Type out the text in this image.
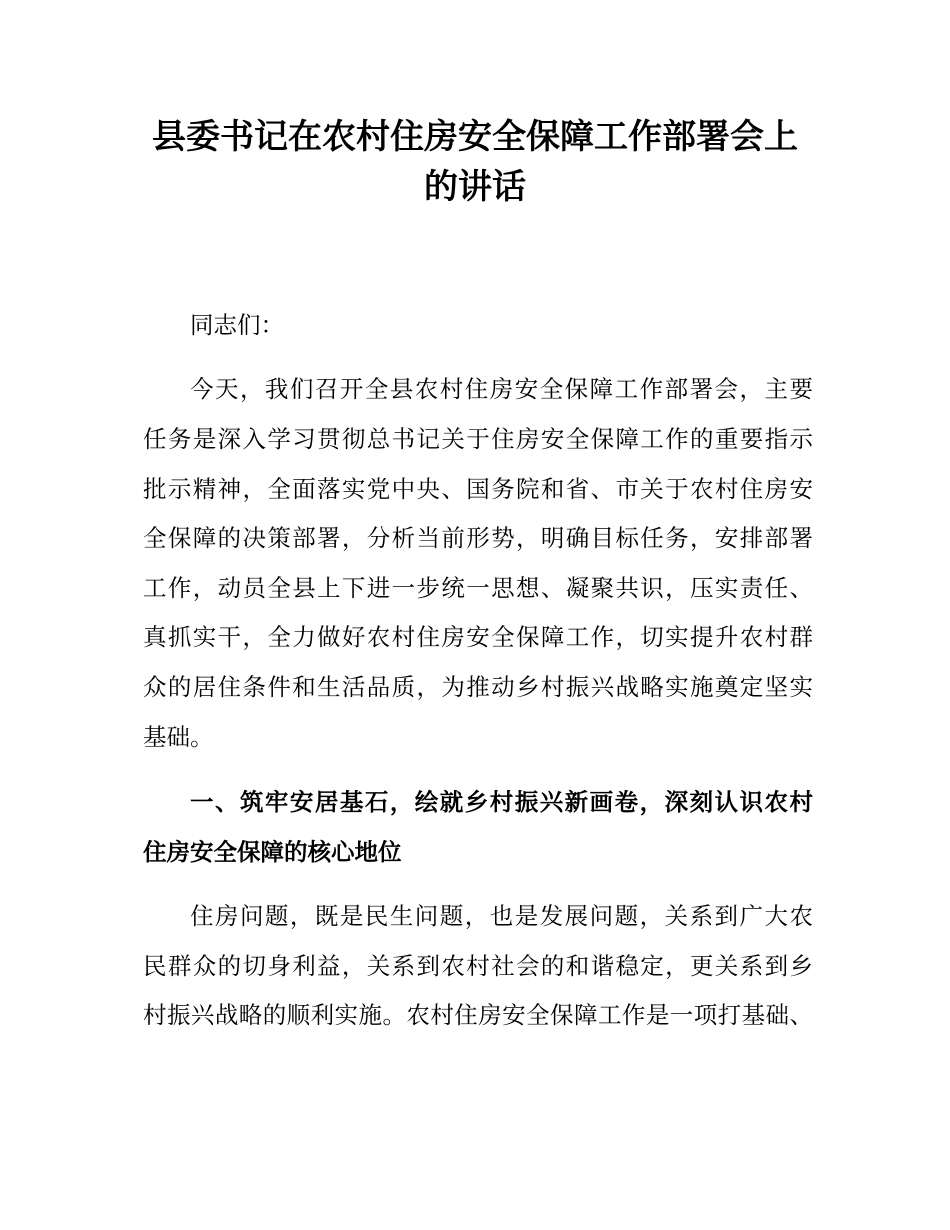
县委书记在农村住房安全保障工作部署会上
的讲话

同志们：

今天，我们召开全县农村住房安全保障工作部署会，主要

任务是深入学习贯彻总书记关于住房安全保障工作的重要指示

批示精神，全面落实党中央、国务院和省、市关于农村住房安

全保障的决策部署，分析当前形势，明确目标任务，安排部署

工作，动员全县上下进一步统一思想、凝聚共识，压实责任、

真抓实干，全力做好农村住房安全保障工作，切实提升农村群

众的居住条件和生活品质，为推动乡村振兴战略实施奠定坚实

基础。

一、筑牢安居基石，绘就乡村振兴新画卷，深刻认识农村

住房安全保障的核心地位

住房问题，既是民生问题，也是发展问题，关系到广大农

民群众的切身利益，关系到农村社会的和谐稳定，更关系到乡

村振兴战略的顺利实施。农村住房安全保障工作是一项打基础、
